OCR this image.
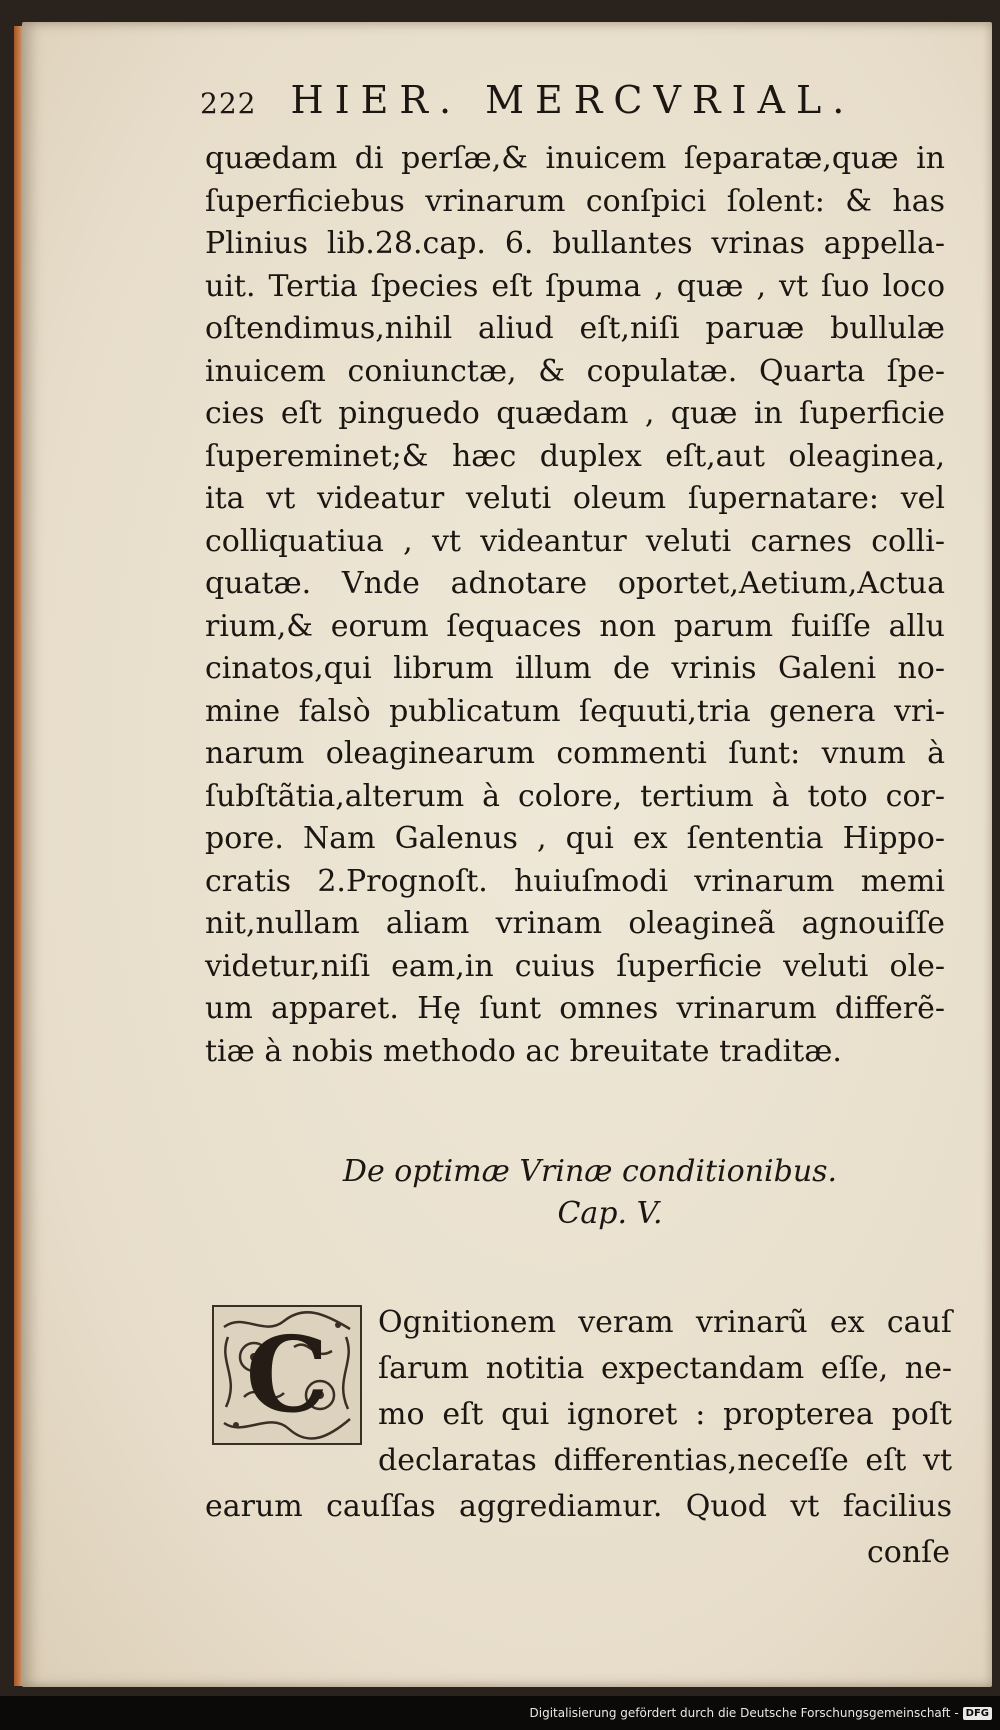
222 HIER. MERCVRIAL.
quædam di perſæ,& inuicem ſeparatæ,quæ in
ſuperficiebus vrinarum conſpici ſolent: & has
Plinius lib.28.cap. 6. bullantes vrinas appella-
uit. Tertia ſpecies eſt ſpuma , quæ , vt ſuo loco
oſtendimus,nihil aliud eſt,niſi paruæ bullulæ
inuicem coniunctæ, & copulatæ. Quarta ſpe-
cies eſt pinguedo quædam , quæ in ſuperficie
ſupereminet;& hæc duplex eſt,aut oleaginea,
ita vt videatur veluti oleum ſupernatare: vel
colliquatiua , vt videantur veluti carnes colli-
quatæ. Vnde adnotare oportet,Aetium,Actua
rium,& eorum ſequaces non parum fuiſſe allu
cinatos,qui librum illum de vrinis Galeni no-
mine falsò publicatum ſequuti,tria genera vri-
narum oleaginearum commenti ſunt: vnum à
ſubſtãtia,alterum à colore, tertium à toto cor-
pore. Nam Galenus , qui ex ſententia Hippo-
cratis 2.Prognoſt. huiuſmodi vrinarum memi
nit,nullam aliam vrinam oleagineã agnouiſſe
videtur,niſi eam,in cuius ſuperficie veluti ole-
um apparet. Hę ſunt omnes vrinarum differẽ-
tiæ à nobis methodo ac breuitate traditæ.
De optimæ Vrinæ conditionibus.
Cap. V.
C Ognitionem veram vrinarũ ex cauſ
ſarum notitia expectandam eſſe, ne-
mo eſt qui ignoret : propterea poſt
declaratas differentias,neceſſe eſt vt
earum cauſſas aggrediamur. Quod vt facilius
conſe
Digitalisierung gefördert durch die Deutsche Forschungsgemeinschaft - DFG
